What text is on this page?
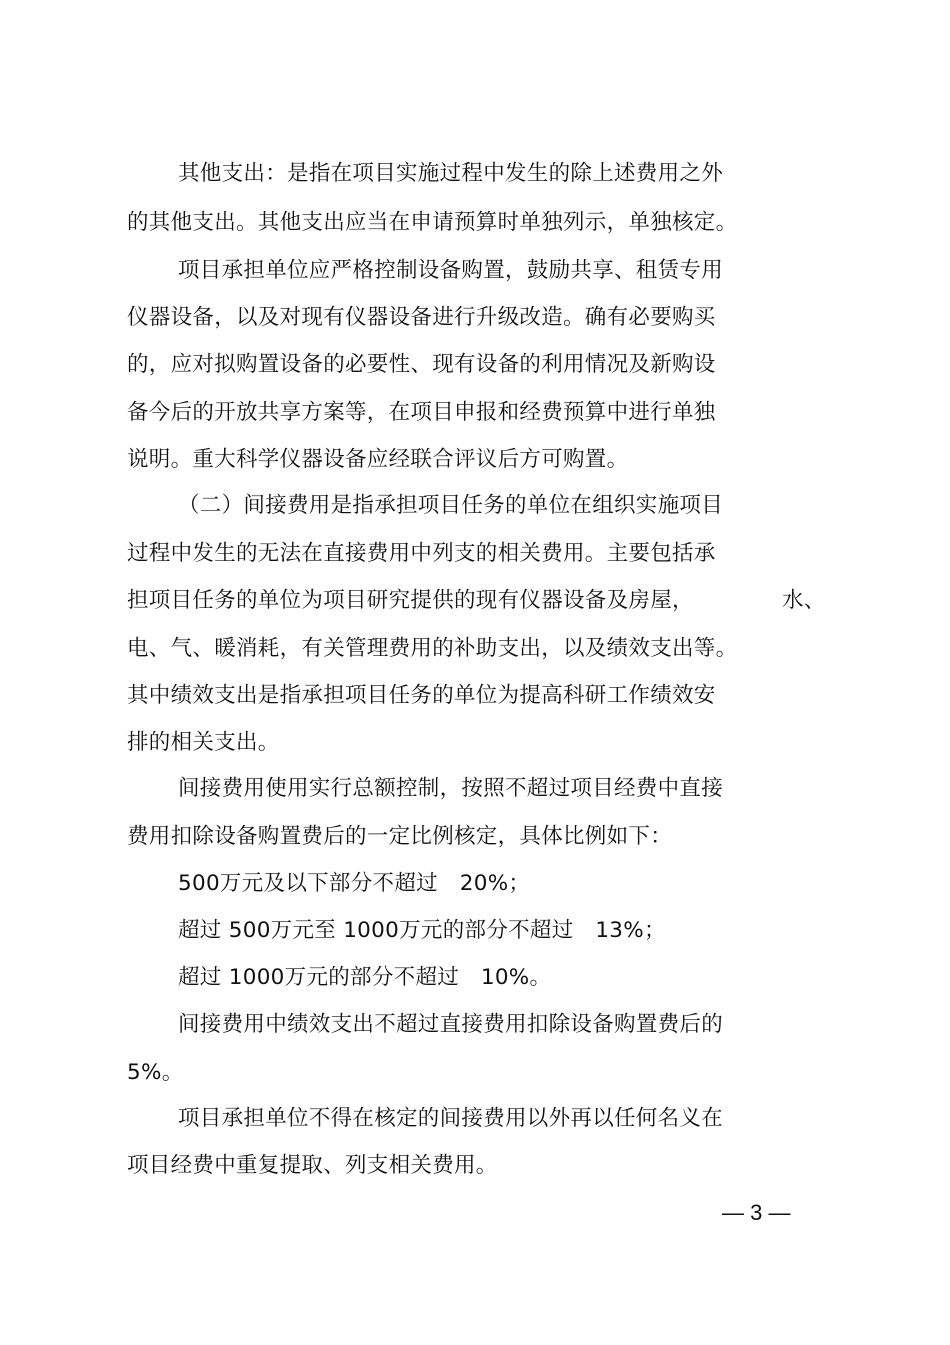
其他支出：是指在项目实施过程中发生的除上述费用之外
的其他支出。其他支出应当在申请预算时单独列示，单独核定。
项目承担单位应严格控制设备购置，鼓励共享、租赁专用
仪器设备，以及对现有仪器设备进行升级改造。确有必要购买
的，应对拟购置设备的必要性、现有设备的利用情况及新购设
备今后的开放共享方案等，在项目申报和经费预算中进行单独
说明。重大科学仪器设备应经联合评议后方可购置。
（二）间接费用是指承担项目任务的单位在组织实施项目
过程中发生的无法在直接费用中列支的相关费用。主要包括承
担项目任务的单位为项目研究提供的现有仪器设备及房屋，	水、
电、气、暖消耗，有关管理费用的补助支出，以及绩效支出等。
其中绩效支出是指承担项目任务的单位为提高科研工作绩效安
排的相关支出。
间接费用使用实行总额控制，按照不超过项目经费中直接
费用扣除设备购置费后的一定比例核定，具体比例如下：
500万元及以下部分不超过　20%；
超过 500万元至 1000万元的部分不超过　13%；
超过 1000万元的部分不超过　10%。
间接费用中绩效支出不超过直接费用扣除设备购置费后的
5%。
项目承担单位不得在核定的间接费用以外再以任何名义在
项目经费中重复提取、列支相关费用。
— 3 —
